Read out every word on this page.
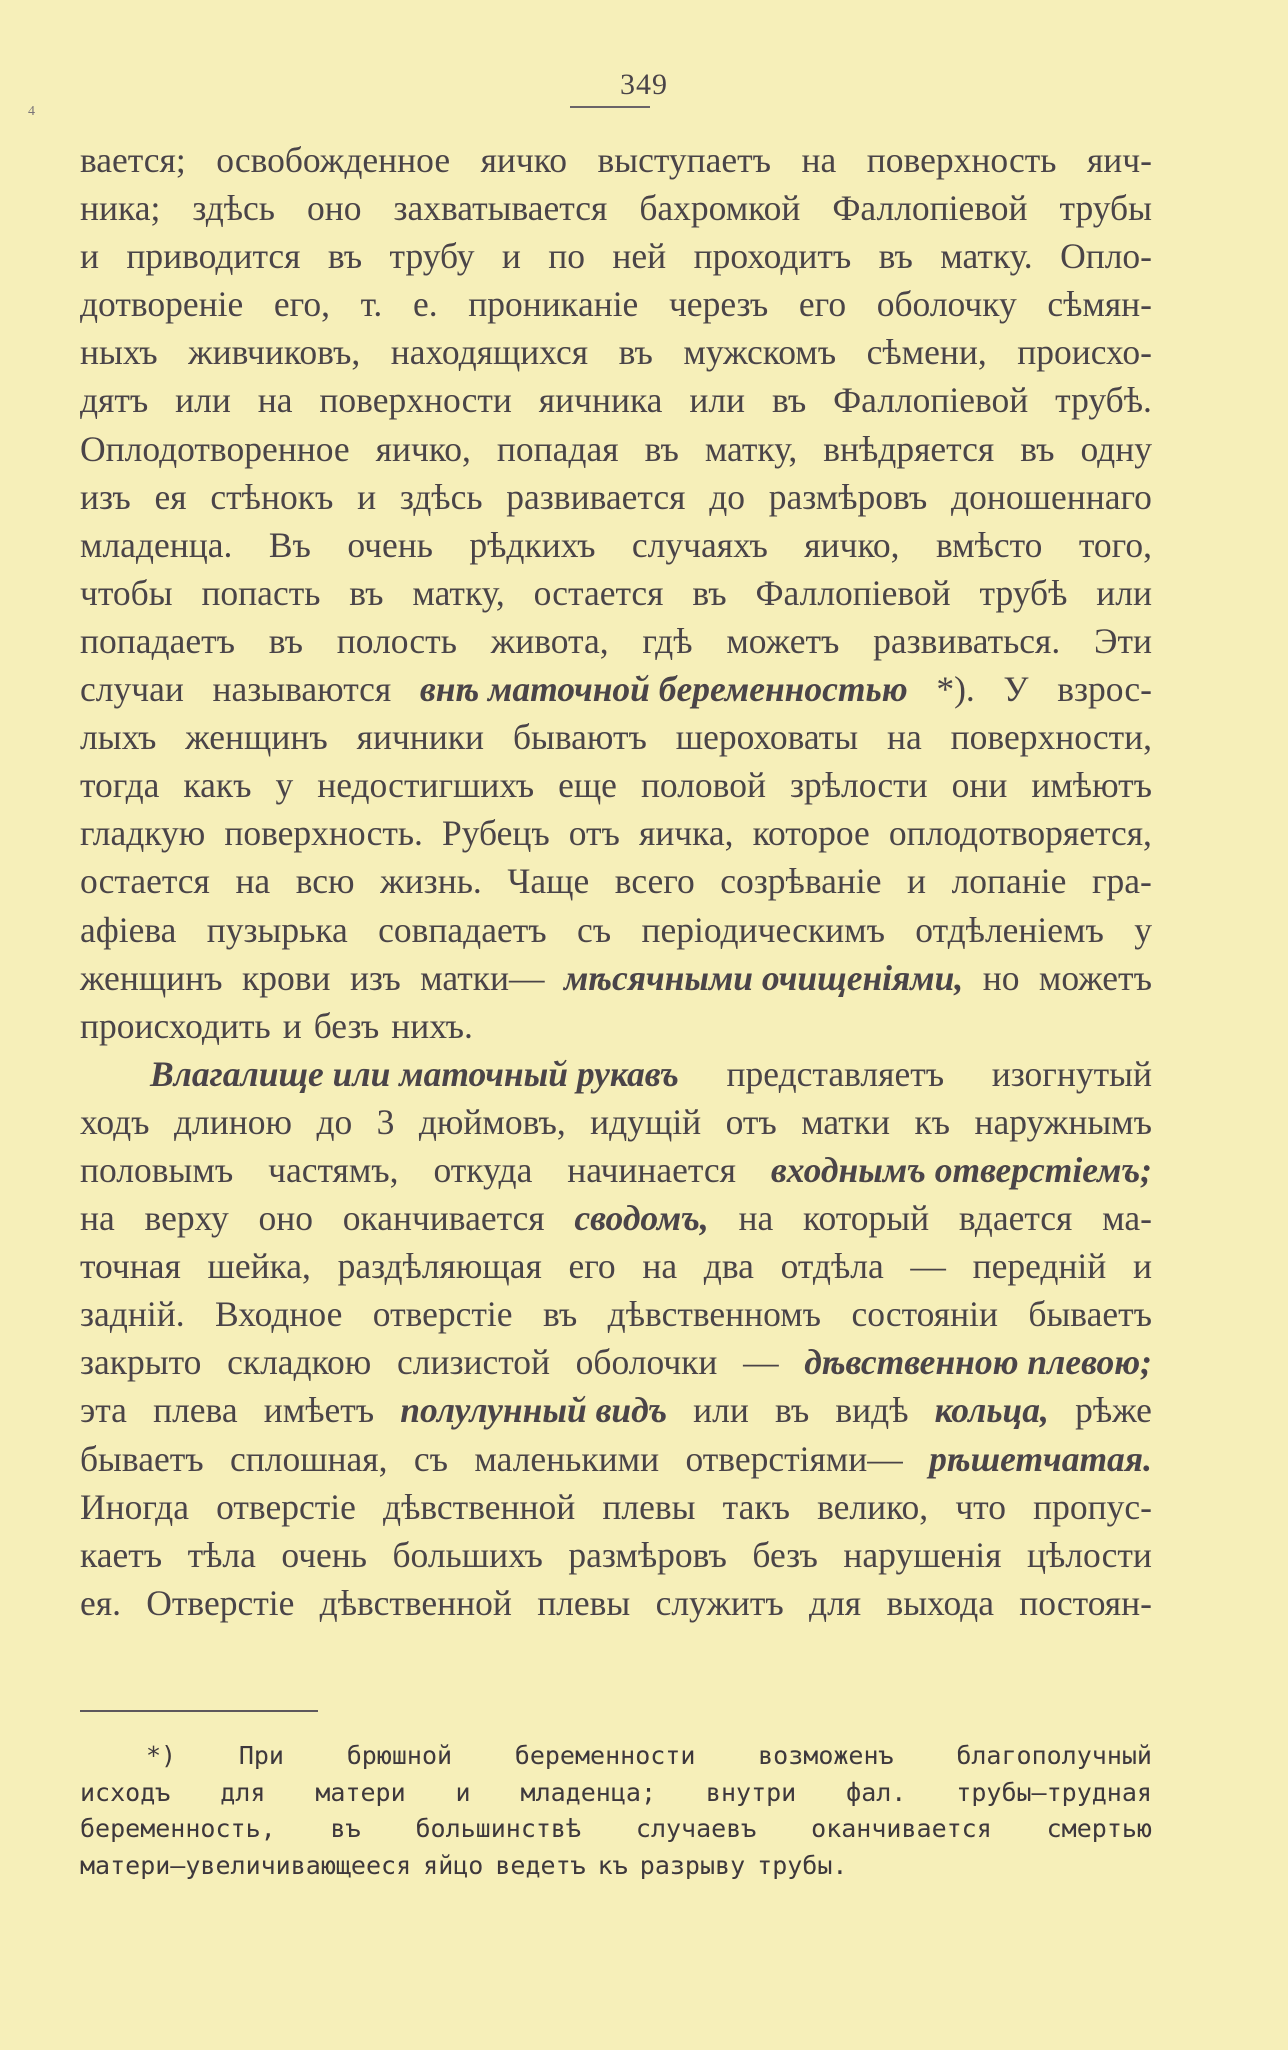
349
4
вается; освобожденное яичко выступаетъ на поверхность яич-
ника; здѣсь оно захватывается бахромкой Фаллопіевой трубы
и приводится въ трубу и по ней проходитъ въ матку. Опло-
дотвореніе его, т. е. проникaніе черезъ его оболочку сѣмян-
ныхъ живчиковъ, находящихся въ мужскомъ сѣмени, происхо-
дятъ или на поверхности яичника или въ Фаллопіевой трубѣ.
Оплодотворенное яичко, попадая въ матку, внѣдряется въ одну
изъ ея стѣнокъ и здѣсь развивается до размѣровъ доношеннаго
младенца. Въ очень рѣдкихъ случаяхъ яичко, вмѣсто того,
чтобы попасть въ матку, остается въ Фаллопіевой трубѣ или
попадаетъ въ полость живота, гдѣ можетъ развиваться. Эти
случаи называются внѣ маточной беременностью *). У взрос-
лыхъ женщинъ яичники бываютъ шероховаты на поверхности,
тогда какъ у недостигшихъ еще половой зрѣлости они имѣютъ
гладкую поверхность. Рубецъ отъ яичка, которое оплодотворяется,
остается на всю жизнь. Чаще всего созрѣваніе и лопаніе гра-
афіева пузырька совпадаетъ съ періодическимъ отдѣленіемъ у
женщинъ крови изъ матки— мѣсячными очищеніями, но можетъ
происходить и безъ нихъ.
Влагалище или маточный рукавъ представляетъ изогнутый
ходъ длиною до 3 дюймовъ, идущій отъ матки къ наружнымъ
половымъ частямъ, откуда начинается входнымъ отверстіемъ;
на верху оно оканчивается сводомъ, на который вдается ма-
точная шейка, раздѣляющая его на два отдѣла — передній и
задній. Входное отверстіе въ дѣвственномъ состояніи бываетъ
закрыто складкою слизистой оболочки — дѣвственною плевою;
эта плева имѣетъ полулунный видъ или въ видѣ кольца, рѣже
бываетъ сплошная, съ маленькими отверстіями— рѣшетчатая.
Иногда отверстіе дѣвственной плевы такъ велико, что пропус-
каетъ тѣла очень большихъ размѣровъ безъ нарушенія цѣлости
ея. Отверстіе дѣвственной плевы служитъ для выхода постоян-
*)	При	брюшной	беременности	возможенъ	благополучный
исходъ для матери и младенца; внутри фал. трубы—трудная
беременность, въ большинствѣ случаевъ оканчивается смертью
матери—увеличивающееся яйцо ведетъ къ разрыву трубы.
